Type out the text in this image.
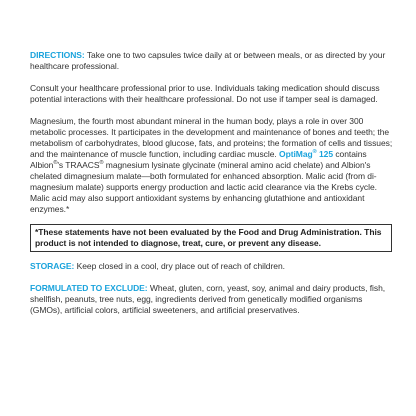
DIRECTIONS: Take one to two capsules twice daily at or between meals, or as directed by your healthcare professional.

Consult your healthcare professional prior to use. Individuals taking medication should discuss potential interactions with their healthcare professional. Do not use if tamper seal is damaged.

Magnesium, the fourth most abundant mineral in the human body, plays a role in over 300 metabolic processes. It participates in the development and maintenance of bones and teeth; the metabolism of carbohydrates, blood glucose, fats, and proteins; the formation of cells and tissues; and the maintenance of muscle function, including cardiac muscle. OptiMag® 125 contains Albion®'s TRAACS® magnesium lysinate glycinate (mineral amino acid chelate) and Albion's chelated dimagnesium malate—both formulated for enhanced absorption. Malic acid (from di-magnesium malate) supports energy production and lactic acid clearance via the Krebs cycle. Malic acid may also support antioxidant systems by enhancing glutathione and antioxidant enzymes.*

*These statements have not been evaluated by the Food and Drug Administration. This product is not intended to diagnose, treat, cure, or prevent any disease.

STORAGE: Keep closed in a cool, dry place out of reach of children.

FORMULATED TO EXCLUDE: Wheat, gluten, corn, yeast, soy, animal and dairy products, fish, shellfish, peanuts, tree nuts, egg, ingredients derived from genetically modified organisms (GMOs), artificial colors, artificial sweeteners, and artificial preservatives.
